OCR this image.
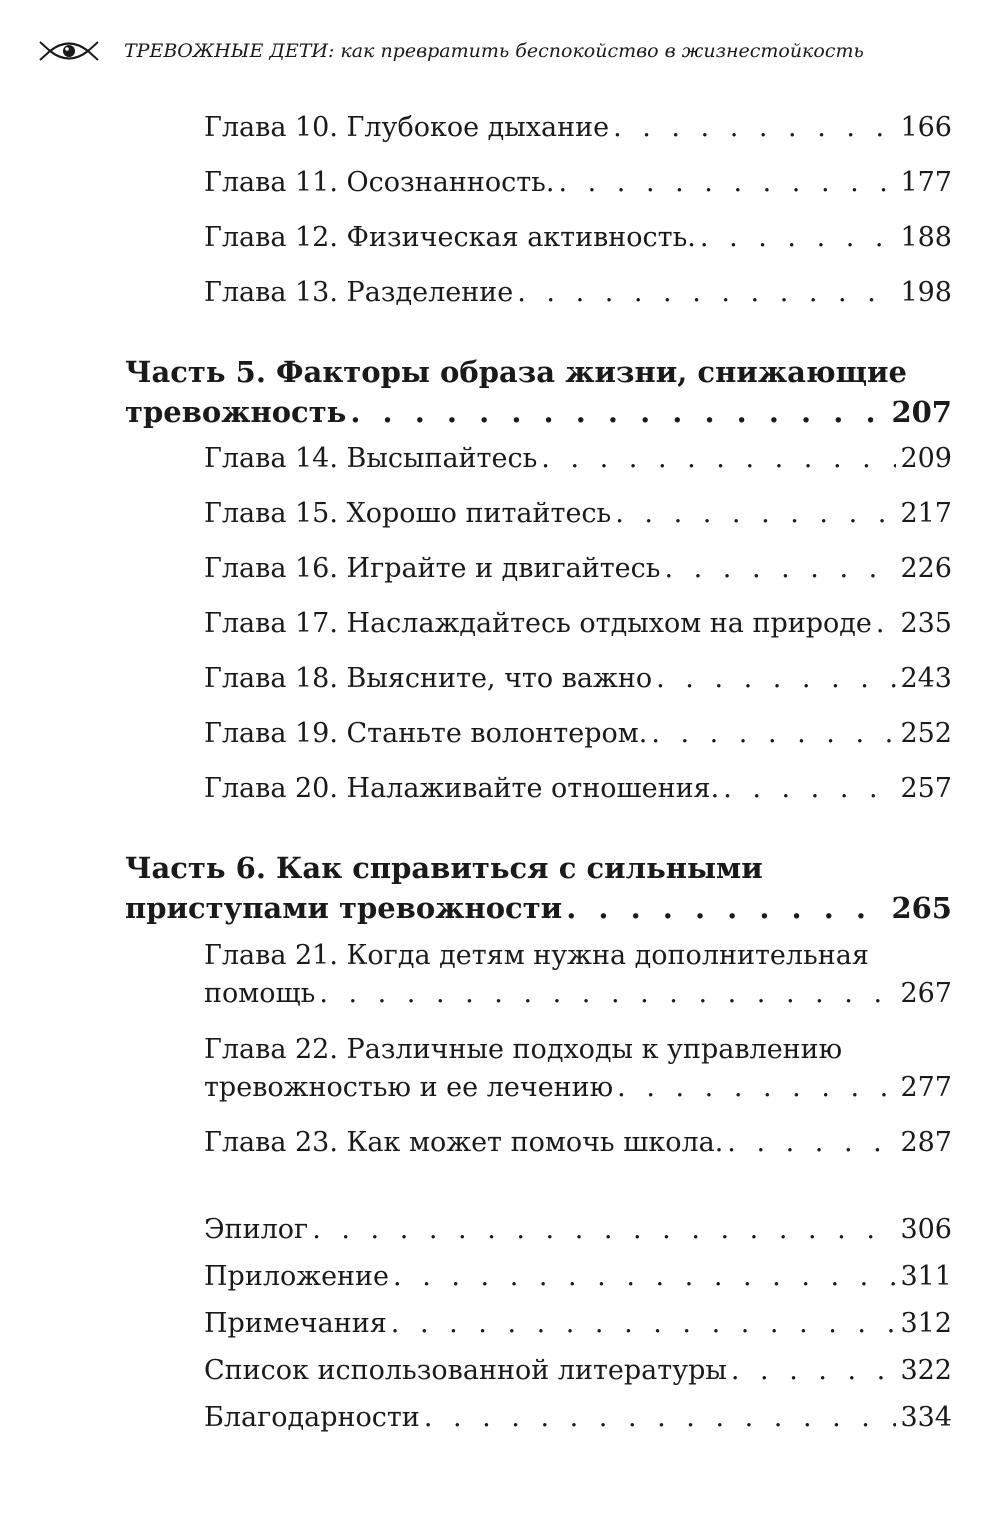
ТРЕВОЖНЫЕ ДЕТИ: как превратить беспокойство в жизнестойкость
Глава 10. Глубокое дыхание . . .	166
Глава 11. Осознанность. . . .	177
Глава 12. Физическая активность. . . .	188
Глава 13. Разделение . . .	198
Часть 5. Факторы образа жизни, снижающие
тревожность . . .	207
Глава 14. Высыпайтесь . . .	209
Глава 15. Хорошо питайтесь . . .	217
Глава 16. Играйте и двигайтесь . . .	226
Глава 17. Наслаждайтесь отдыхом на природе . . . 235
Глава 18. Выясните, что важно . . .	243
Глава 19. Станьте волонтером. . . .	252
Глава 20. Налаживайте отношения. . . .	257
Часть 6. Как справиться с сильными
приступами тревожности . . .	265
Глава 21. Когда детям нужна дополнительная
помощь . . .	267
Глава 22. Различные подходы к управлению
тревожностью и ее лечению . . .	277
Глава 23. Как может помочь школа. . . .	287
Эпилог . . .	306
Приложение . . .	311
Примечания . . .	312
Список использованной литературы . . .	322
Благодарности . . .	334
